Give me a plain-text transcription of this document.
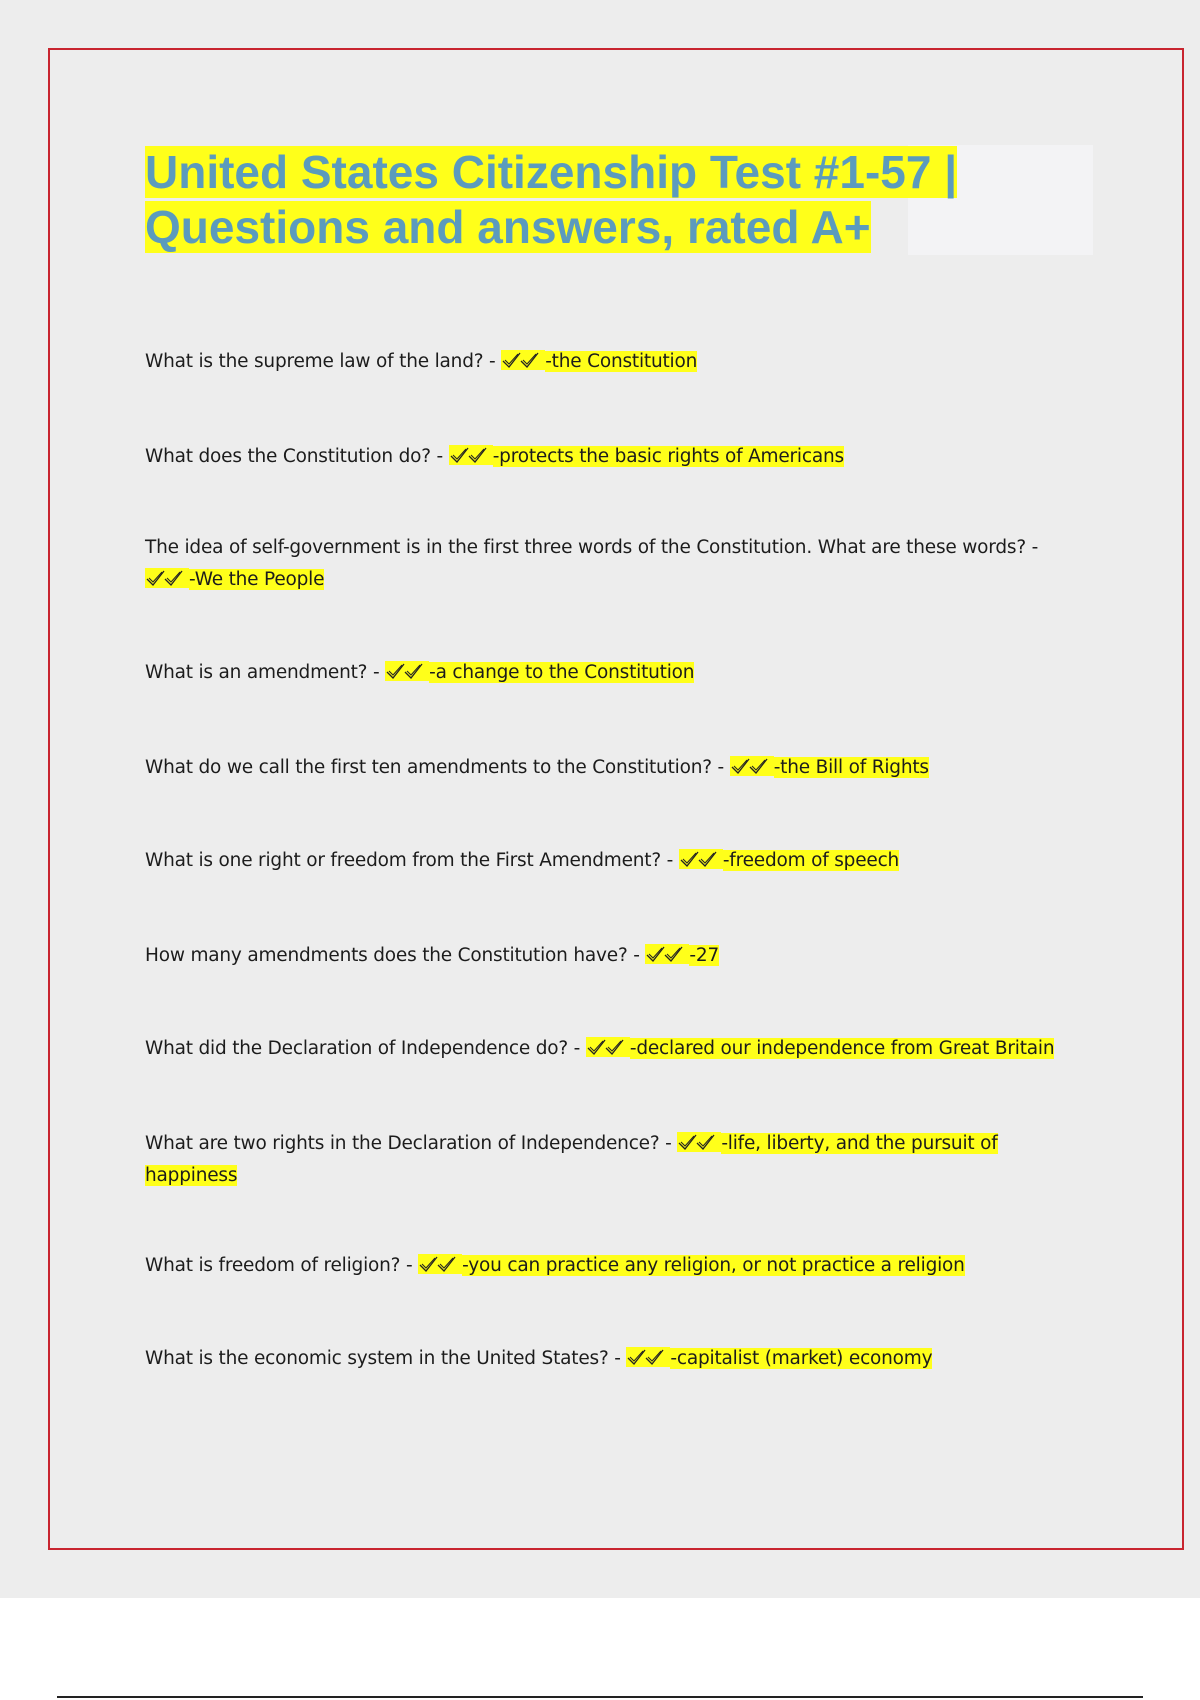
United States Citizenship Test #1-57 |
Questions and answers, rated A+
What is the supreme law of the land? -
-the Constitution
What does the Constitution do? -
-protects the basic rights of Americans
The idea of self-government is in the first three words of the Constitution. What are these words? -
-We the People
What is an amendment? -
-a change to the Constitution
What do we call the first ten amendments to the Constitution? -
-the Bill of Rights
What is one right or freedom from the First Amendment? -
-freedom of speech
How many amendments does the Constitution have? -
-27
What did the Declaration of Independence do? -
-declared our independence from Great Britain
What are two rights in the Declaration of Independence? -
-life, liberty, and the pursuit of happiness
What is freedom of religion? -
-you can practice any religion, or not practice a religion
What is the economic system in the United States? -
-capitalist (market) economy
